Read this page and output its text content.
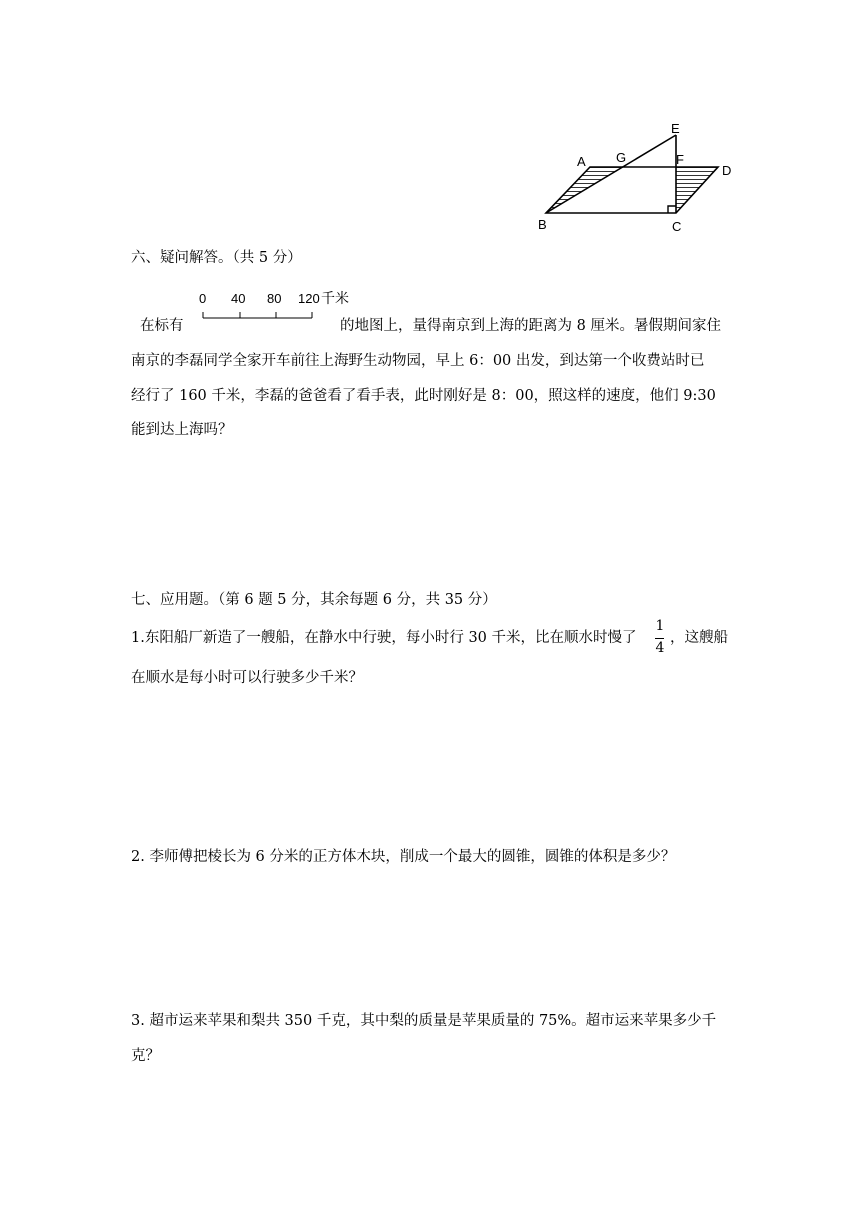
E
A G	F
D
B	C
六、疑问解答。（共 5 分）
0 40 80 120 千米
在标有	的地图上，量得南京到上海的距离为 8 厘米。暑假期间家住
南京的李磊同学全家开车前往上海野生动物园，早上 6：00 出发，到达第一个收费站时已
经行了 160 千米，李磊的爸爸看了看手表，此时刚好是 8：00，照这样的速度，他们 9:30
能到达上海吗？
七、应用题。（第 6 题 5 分，其余每题 6 分，共 35 分）
1.东阳船厂新造了一艘船，在静水中行驶，每小时行 30 千米，比在顺水时慢了
1
4
，这艘船
在顺水是每小时可以行驶多少千米？
2. 李师傅把棱长为 6 分米的正方体木块，削成一个最大的圆锥，圆锥的体积是多少？
3. 超市运来苹果和梨共 350 千克，其中梨的质量是苹果质量的 75%。超市运来苹果多少千
克？
